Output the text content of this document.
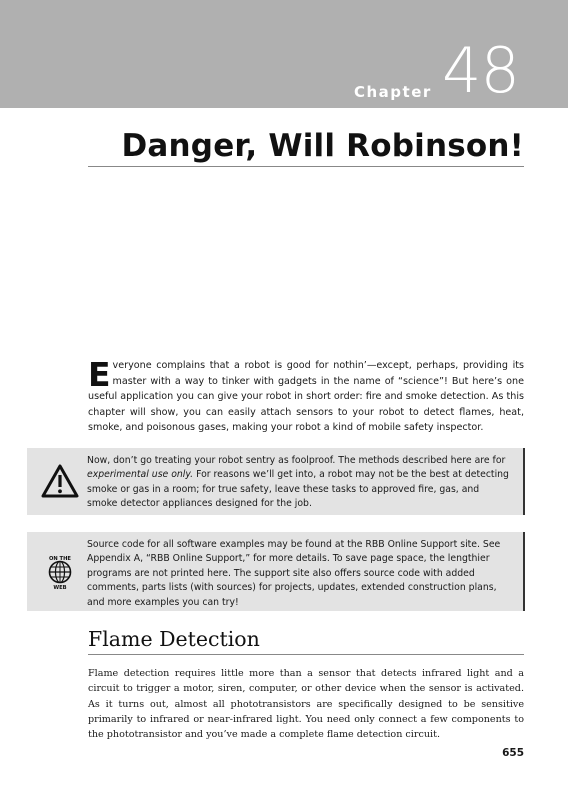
Chapter 48
Danger, Will Robinson!

Everyone complains that a robot is good for nothin’—except, perhaps, providing its master with a way to tinker with gadgets in the name of “science”! But here’s one useful application you can give your robot in short order: fire and smoke detection. As this chapter will show, you can easily attach sensors to your robot to detect flames, heat, smoke, and poisonous gases, making your robot a kind of mobile safety inspector.

Now, don’t go treating your robot sentry as foolproof. The methods described here are for experimental use only. For reasons we’ll get into, a robot may not be the best at detecting smoke or gas in a room; for true safety, leave these tasks to approved fire, gas, and smoke detector appliances designed for the job.

ON THE
WEB

Source code for all software examples may be found at the RBB Online Support site. See Appendix A, “RBB Online Support,” for more details. To save page space, the lengthier programs are not printed here. The support site also offers source code with added comments, parts lists (with sources) for projects, updates, extended construction plans, and more examples you can try!

Flame Detection

Flame detection requires little more than a sensor that detects infrared light and a circuit to trigger a motor, siren, computer, or other device when the sensor is activated. As it turns out, almost all phototransistors are specifically designed to be sensitive primarily to infrared or near-infrared light. You need only connect a few components to the phototransistor and you’ve made a complete flame detection circuit.

655
